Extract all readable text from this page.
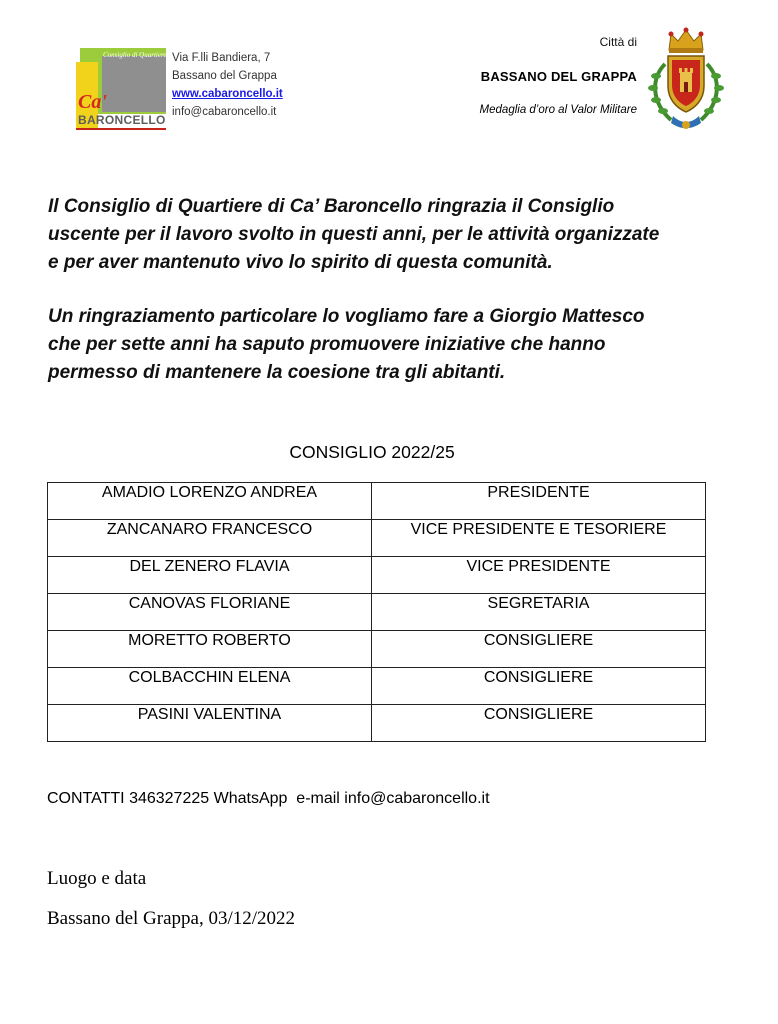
Consiglio di Quartiere
Ca'
BARONCELLO
Via F.lli Bandiera, 7
Bassano del Grappa
www.cabaroncello.it
info@cabaroncello.it
Città di
BASSANO DEL GRAPPA
Medaglia d’oro al Valor Militare
Il Consiglio di Quartiere di Ca’ Baroncello ringrazia il Consiglio
uscente per il lavoro svolto in questi anni, per le attività organizzate
e per aver mantenuto vivo lo spirito di questa comunità.
Un ringraziamento particolare lo vogliamo fare a Giorgio Mattesco
che per sette anni ha saputo promuovere iniziative che hanno
permesso di mantenere la coesione tra gli abitanti.
CONSIGLIO 2022/25
AMADIO LORENZO ANDREA	PRESIDENTE
ZANCANARO FRANCESCO	VICE PRESIDENTE E TESORIERE
DEL ZENERO FLAVIA	VICE PRESIDENTE
CANOVAS FLORIANE	SEGRETARIA
MORETTO ROBERTO	CONSIGLIERE
COLBACCHIN ELENA	CONSIGLIERE
PASINI VALENTINA	CONSIGLIERE
CONTATTI 346327225 WhatsApp  e-mail info@cabaroncello.it
Luogo e data
Bassano del Grappa, 03/12/2022
